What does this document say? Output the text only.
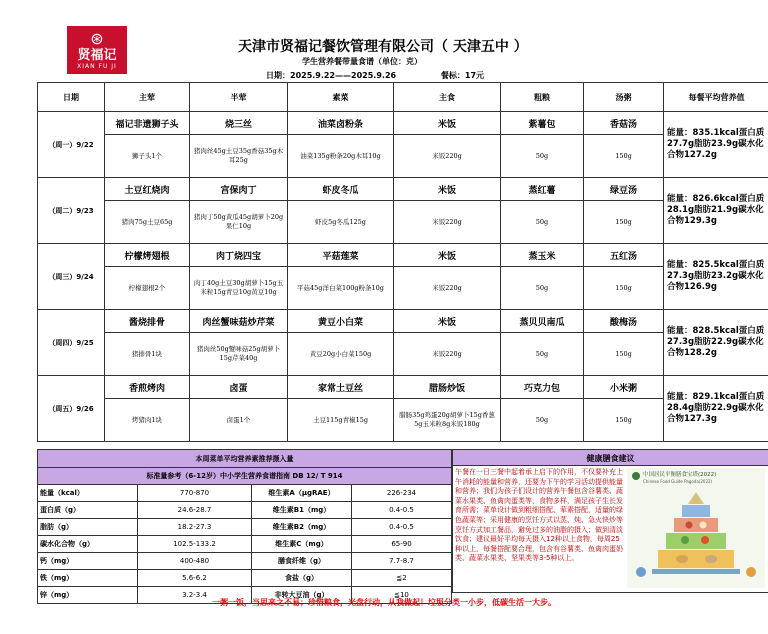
⊛
贤福记
XIAN FU JI
天津市贤福记餐饮管理有限公司（ 天津五中 ）
学生营养餐带量食谱（单位：克）
日期：2025.9.22——2025.9.26	餐标：17元
日期	主荤	半荤	素菜	主食	粗粮	汤粥	每餐平均营养值
（周一）9/22	福记非遗狮子头	烧三丝	油菜卤粉条	米饭	紫薯包	香菇汤	能量：835.1kcal蛋白质27.7g脂肪23.9g碳水化合物127.2g
	狮子头1个	猪肉丝45g土豆35g香菇35g木耳25g	油菜135g粉条20g木耳10g	米饭220g	50g	150g	
（周二）9/23	土豆红烧肉	宫保肉丁	虾皮冬瓜	米饭	蒸红薯	绿豆汤	能量：826.6kcal蛋白质28.1g脂肪21.9g碳水化合物129.3g
	猪肉75g土豆65g	猪肉丁50g黄瓜45g胡萝卜20g果仁10g	虾皮5g冬瓜125g	米饭220g	50g	150g	
（周三）9/24	柠檬烤翅根	肉丁烧四宝	平菇莲菜	米饭	蒸玉米	五红汤	能量：825.5kcal蛋白质27.3g脂肪23.2g碳水化合物126.9g
	柠檬翅根2个	肉丁40g土豆30g胡萝卜15g玉米粒15g青豆10g黄豆10g	平菇45g洋白菜100g粉条10g	米饭220g	50g	150g	
（周四）9/25	酱烧排骨	肉丝蟹味菇炒芹菜	黄豆小白菜	米饭	蒸贝贝南瓜	酸梅汤	能量：828.5kcal蛋白质27.3g脂肪22.9g碳水化合物128.2g
	猪排骨1块	猪肉丝50g蟹味菇25g胡萝卜15g芹菜40g	黄豆20g小白菜150g	米饭220g	50g	150g	
（周五）9/26	香煎烤肉	卤蛋	家常土豆丝	腊肠炒饭	巧克力包	小米粥	能量：829.1kcal蛋白质28.4g脂肪22.9g碳水化合物127.3g
	烤猪肉1块	卤蛋1个	土豆115g青椒15g	腊肠35g鸡蛋20g胡萝卜15g香葱5g玉米粒8g米饭180g	50g	150g	
本周菜单平均营养素推荐摄入量			
标准量参考（6-12岁）中小学生营养食谱指南 DB 12/ T 914			
能量（kcal）	770-870	维生素A（μgRAE）	226-234
蛋白质（g）	24.6-28.7	维生素B1（mg）	0.4-0.5
脂肪（g）	18.2-27.3	维生素B2（mg）	0.4-0.5
碳水化合物（g）	102.5-133.2	维生素C（mg）	65-90
钙（mg）	400-480	膳食纤维（g）	7.7-8.7
铁（mg）	5.6-6.2	食盐（g）	≦2
锌（mg）	3.2-3.4	非转大豆油（g）	≦10
健康膳食建议
午餐在一日三餐中起着承上启下的作用，不仅要补充上午消耗的能量和营养，还要为下午的学习活动提供能量和营养；我们为孩子们设计的营养午餐包含谷薯类、蔬菜水果类、鱼禽肉蛋类等，食物多样，满足孩子生长发育所需；菜单设计做到粗细搭配、荤素搭配，适量的绿色蔬菜等；采用健康的烹饪方式以蒸、炖、急火快炒等烹饪方式加工餐品，避免过多的油脂的摄入；做到清淡饮食；建议最好平均每天摄入12种以上食物，每周25种以上，每餐搭配要合理，包含有谷薯类、鱼禽肉蛋奶类、蔬菜水果类、坚果类等3-5种以上。
中国居民平衡膳食宝塔(2022)
Chinese Food Guide Pagoda(2022)
一粥一饭，当思来之不易；珍惜粮食，光盘行动，从我做起！垃圾分类一小步，低碳生活一大步。
